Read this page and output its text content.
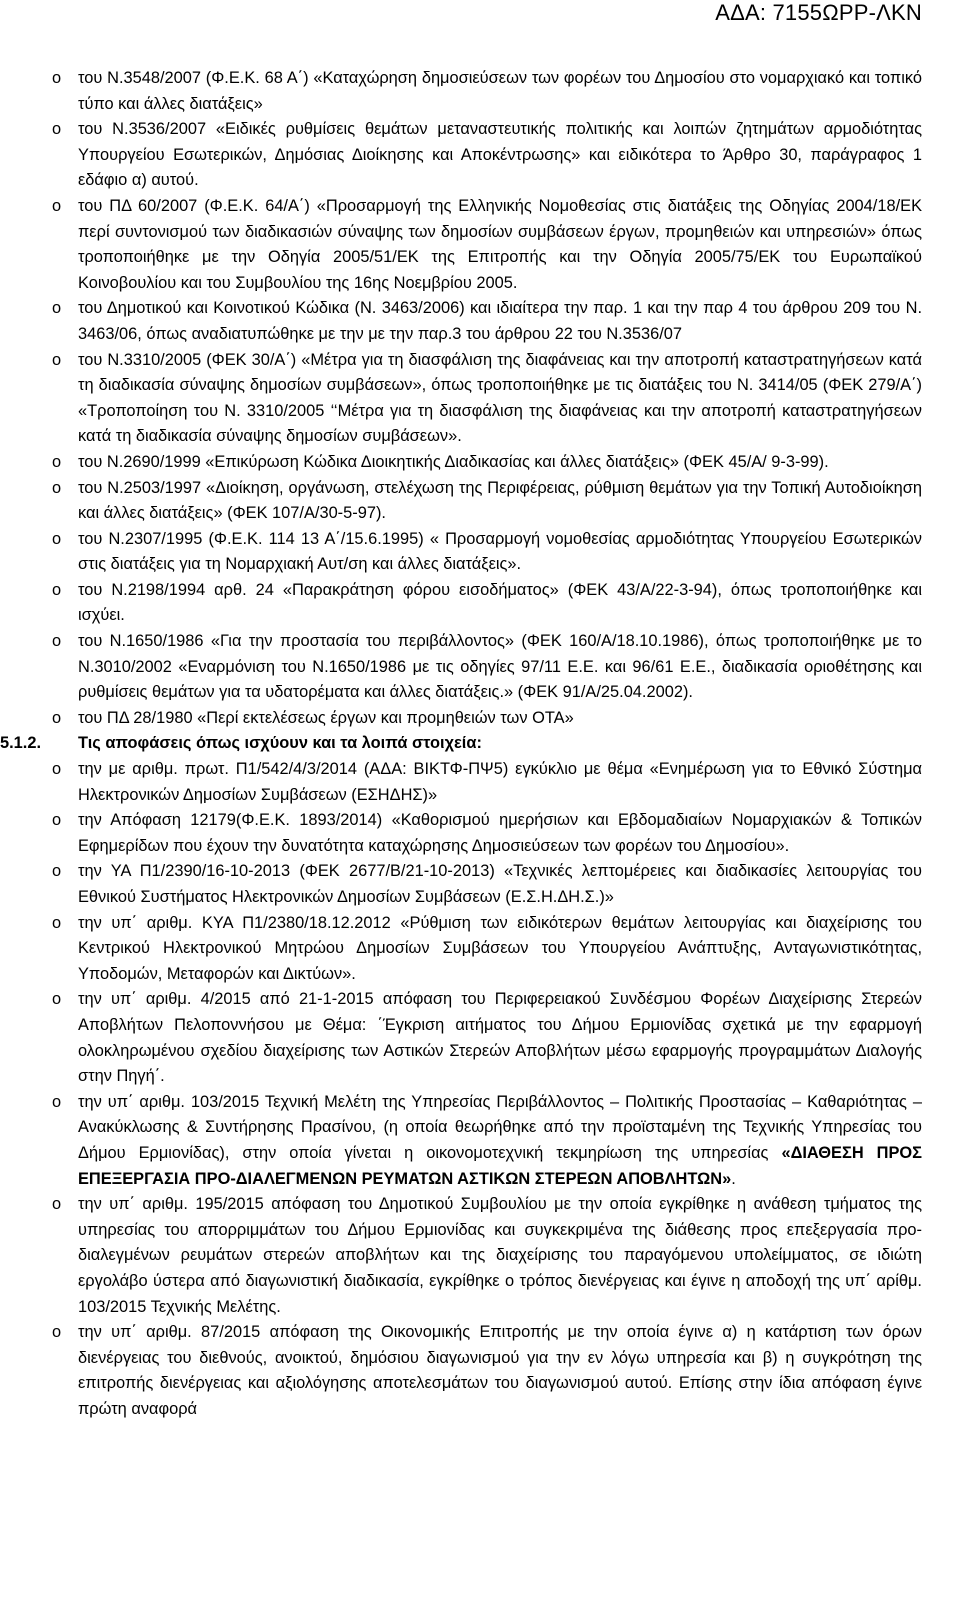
ΑΔΑ: 7155ΩΡΡ-ΛΚΝ
o του Ν.3548/2007 (Φ.Ε.Κ. 68 Α΄) «Καταχώρηση δημοσιεύσεων των φορέων του Δημοσίου στο νομαρχιακό και τοπικό τύπο και άλλες διατάξεις»
o του Ν.3536/2007 «Ειδικές ρυθμίσεις θεμάτων μεταναστευτικής πολιτικής και λοιπών ζητημάτων αρμοδιότητας Υπουργείου Εσωτερικών, Δημόσιας Διοίκησης και Αποκέντρωσης» και ειδικότερα το Άρθρο 30, παράγραφος 1 εδάφιο α) αυτού.
o του ΠΔ 60/2007 (Φ.Ε.Κ. 64/Α΄) «Προσαρμογή της Ελληνικής Νομοθεσίας στις διατάξεις της Οδηγίας 2004/18/ΕΚ περί συντονισμού των διαδικασιών σύναψης των δημοσίων συμβάσεων έργων, προμηθειών και υπηρεσιών» όπως τροποποιήθηκε με την Οδηγία 2005/51/ΕΚ της Επιτροπής και την Οδηγία 2005/75/ΕΚ του Ευρωπαϊκού Κοινοβουλίου και του Συμβουλίου της 16ης Νοεμβρίου 2005.
o του Δημοτικού και Κοινοτικού Κώδικα (Ν. 3463/2006) και ιδιαίτερα την παρ. 1 και την παρ 4 του άρθρου 209 του Ν. 3463/06, όπως αναδιατυπώθηκε με την με την παρ.3 του άρθρου 22 του Ν.3536/07
o του Ν.3310/2005 (ΦΕΚ 30/Α΄) «Μέτρα για τη διασφάλιση της διαφάνειας και την αποτροπή καταστρατηγήσεων κατά τη διαδικασία σύναψης δημοσίων συμβάσεων», όπως τροποποιήθηκε με τις διατάξεις του Ν. 3414/05 (ΦΕΚ 279/Α΄) «Τροποποίηση του Ν. 3310/2005 ‘‘Μέτρα για τη διασφάλιση της διαφάνειας και την αποτροπή καταστρατηγήσεων κατά τη διαδικασία σύναψης δημοσίων συμβάσεων».
o του Ν.2690/1999 «Επικύρωση Κώδικα Διοικητικής Διαδικασίας και άλλες διατάξεις» (ΦΕΚ 45/Α/ 9-3-99).
o του Ν.2503/1997 «Διοίκηση, οργάνωση, στελέχωση της Περιφέρειας, ρύθμιση θεμάτων για την Τοπική Αυτοδιοίκηση και άλλες διατάξεις» (ΦΕΚ 107/Α/30-5-97).
o του Ν.2307/1995 (Φ.Ε.Κ. 114 13 Α΄/15.6.1995) « Προσαρμογή νομοθεσίας αρμοδιότητας Υπουργείου Εσωτερικών στις διατάξεις για τη Νομαρχιακή Αυτ/ση και άλλες διατάξεις».
o του Ν.2198/1994 αρθ. 24 «Παρακράτηση φόρου εισοδήματος» (ΦΕΚ 43/Α/22-3-94), όπως τροποποιήθηκε και ισχύει.
o του Ν.1650/1986 «Για την προστασία του περιβάλλοντος» (ΦΕΚ 160/Α/18.10.1986), όπως τροποποιήθηκε με το Ν.3010/2002 «Εναρμόνιση του Ν.1650/1986 με τις οδηγίες 97/11 Ε.Ε. και 96/61 Ε.Ε., διαδικασία οριοθέτησης και ρυθμίσεις θεμάτων για τα υδατορέματα και άλλες διατάξεις.» (ΦΕΚ 91/Α/25.04.2002).
o του ΠΔ 28/1980 «Περί εκτελέσεως έργων και προμηθειών των ΟΤΑ»
5.1.2. Τις αποφάσεις όπως ισχύουν και τα λοιπά στοιχεία:
o την με αριθμ. πρωτ. Π1/542/4/3/2014 (ΑΔΑ: ΒΙΚΤΦ-ΠΨ5) εγκύκλιο με θέμα «Ενημέρωση για το Εθνικό Σύστημα Ηλεκτρονικών Δημοσίων Συμβάσεων (ΕΣΗΔΗΣ)»
o την Απόφαση 12179(Φ.Ε.Κ. 1893/2014) «Καθορισμού ημερήσιων και Εβδομαδιαίων Νομαρχιακών & Τοπικών Εφημερίδων που έχουν την δυνατότητα καταχώρησης Δημοσιεύσεων των φορέων του Δημοσίου».
o την ΥΑ Π1/2390/16-10-2013 (ΦΕΚ 2677/Β/21-10-2013) «Τεχνικές λεπτομέρειες και διαδικασίες λειτουργίας του Εθνικού Συστήματος Ηλεκτρονικών Δημοσίων Συμβάσεων (Ε.Σ.Η.ΔΗ.Σ.)»
o την υπ΄ αριθμ. ΚΥΑ Π1/2380/18.12.2012 «Ρύθμιση των ειδικότερων θεμάτων λειτουργίας και διαχείρισης του Κεντρικού Ηλεκτρονικού Μητρώου Δημοσίων Συμβάσεων του Υπουργείου Ανάπτυξης, Ανταγωνιστικότητας, Υποδομών, Μεταφορών και Δικτύων».
o την υπ΄ αριθμ. 4/2015 από 21-1-2015 απόφαση του Περιφερειακού Συνδέσμου Φορέων Διαχείρισης Στερεών Αποβλήτων Πελοποννήσου με Θέμα: ΄Έγκριση αιτήματος του Δήμου Ερμιονίδας σχετικά με την εφαρμογή ολοκληρωμένου σχεδίου διαχείρισης των Αστικών Στερεών Αποβλήτων μέσω εφαρμογής προγραμμάτων Διαλογής στην Πηγή΄.
o την υπ΄ αριθμ. 103/2015 Τεχνική Μελέτη της Υπηρεσίας Περιβάλλοντος – Πολιτικής Προστασίας – Καθαριότητας – Ανακύκλωσης & Συντήρησης Πρασίνου, (η οποία θεωρήθηκε από την προϊσταμένη της Τεχνικής Υπηρεσίας του Δήμου Ερμιονίδας), στην οποία γίνεται η οικονομοτεχνική τεκμηρίωση της υπηρεσίας «ΔΙΑΘΕΣΗ ΠΡΟΣ ΕΠΕΞΕΡΓΑΣΙΑ ΠΡΟ-ΔΙΑΛΕΓΜΕΝΩΝ ΡΕΥΜΑΤΩΝ ΑΣΤΙΚΩΝ ΣΤΕΡΕΩΝ ΑΠΟΒΛΗΤΩΝ».
o την υπ΄ αριθμ. 195/2015 απόφαση του Δημοτικού Συμβουλίου με την οποία εγκρίθηκε η ανάθεση τμήματος της υπηρεσίας του απορριμμάτων του Δήμου Ερμιονίδας και συγκεκριμένα της διάθεσης προς επεξεργασία προ-διαλεγμένων ρευμάτων στερεών αποβλήτων και της διαχείρισης του παραγόμενου υπολείμματος, σε ιδιώτη εργολάβο ύστερα από διαγωνιστική διαδικασία, εγκρίθηκε ο τρόπος διενέργειας και έγινε η αποδοχή της υπ΄ αρίθμ. 103/2015 Τεχνικής Μελέτης.
o την υπ΄ αριθμ. 87/2015 απόφαση της Οικονομικής Επιτροπής με την οποία έγινε α) η κατάρτιση των όρων διενέργειας του διεθνούς, ανοικτού, δημόσιου διαγωνισμού για την εν λόγω υπηρεσία και β) η συγκρότηση της επιτροπής διενέργειας και αξιολόγησης αποτελεσμάτων του διαγωνισμού αυτού. Επίσης στην ίδια απόφαση έγινε πρώτη αναφορά
